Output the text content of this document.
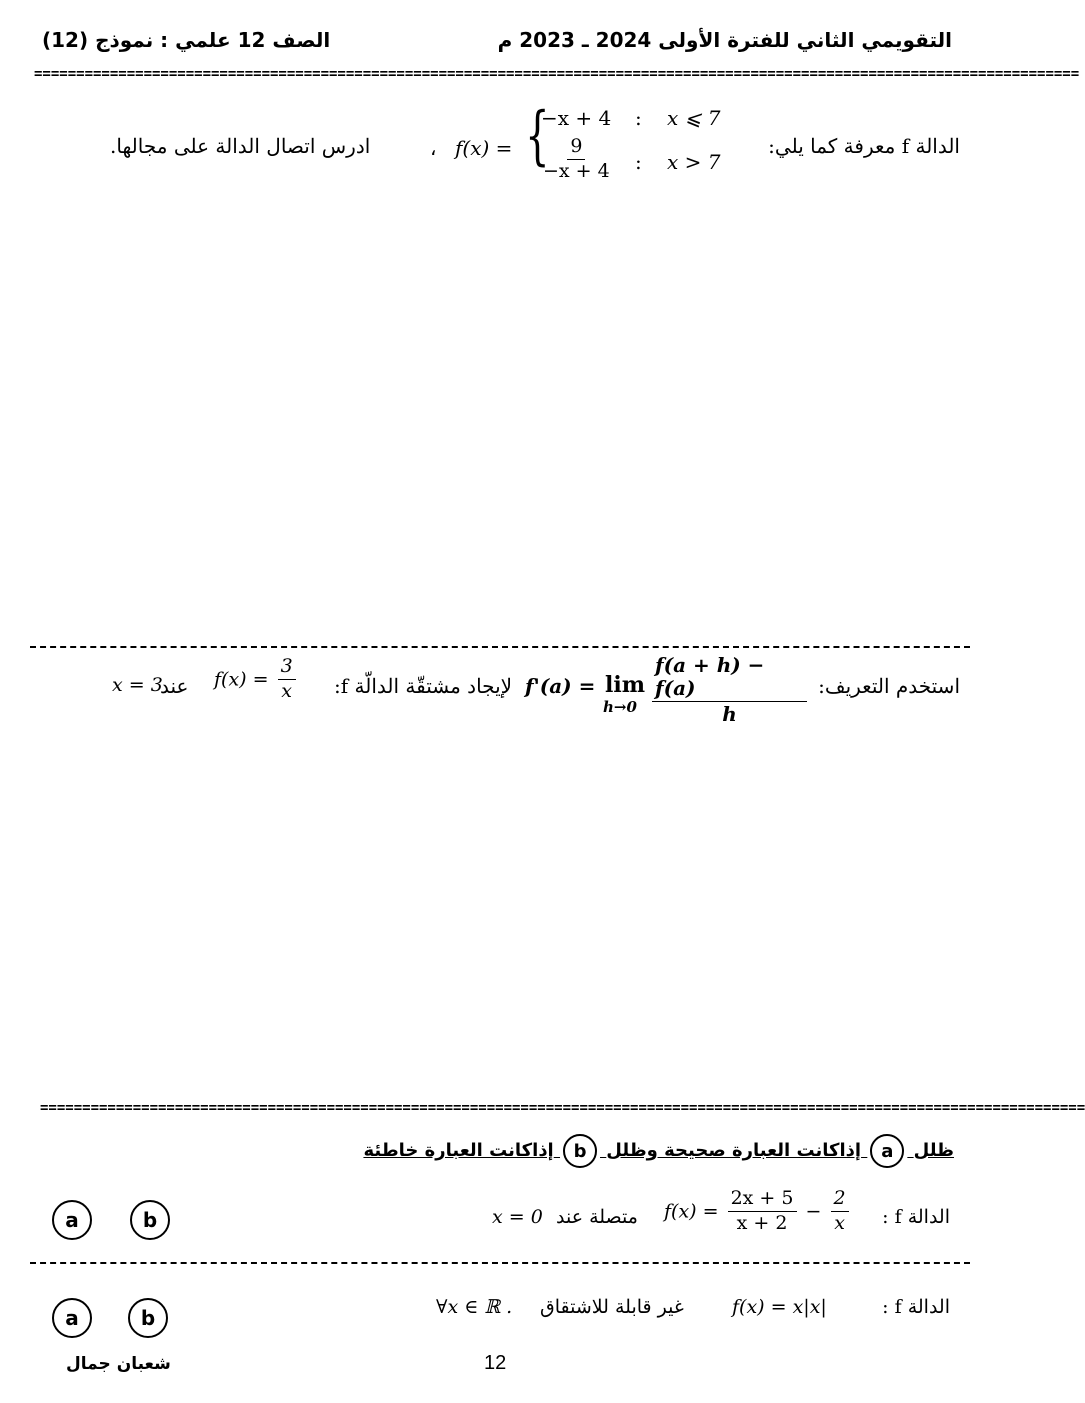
التقويمي الثاني للفترة الأولى 2024 ـ 2023 م
الصف 12 علمي : نموذج (12)
============================================================================================================================
الدالة f معرفة كما يلي:
f(x) = {
−x + 4 : x ⩽ 7
$\frac{9}{-x + 4}$ : x > 7
،
ادرس اتصال الدالة على مجالها.
استخدم التعريف:
f'(a) = lim
$h\to 0 \frac{f(a + h) - f(a)}{h}$
لإيجاد مشتقّة الدالّة f:
$f(x) = \frac{3}{x}$
عند
x = 3
============================================================================================================================
ظلل a إذاكانت العبارة صحيحة وظلل b إذاكانت العبارة خاطئة
a	b	الدالة f :
$f(x) = \frac{2x + 5}{x + 2} - \frac{2}{x}$
متصلة عند
x = 0
a	b	الدالة f :
f(x) = x|x|
غير قابلة للاشتقاق
∀x ∈ ℝ .
شعبان جمال	12
